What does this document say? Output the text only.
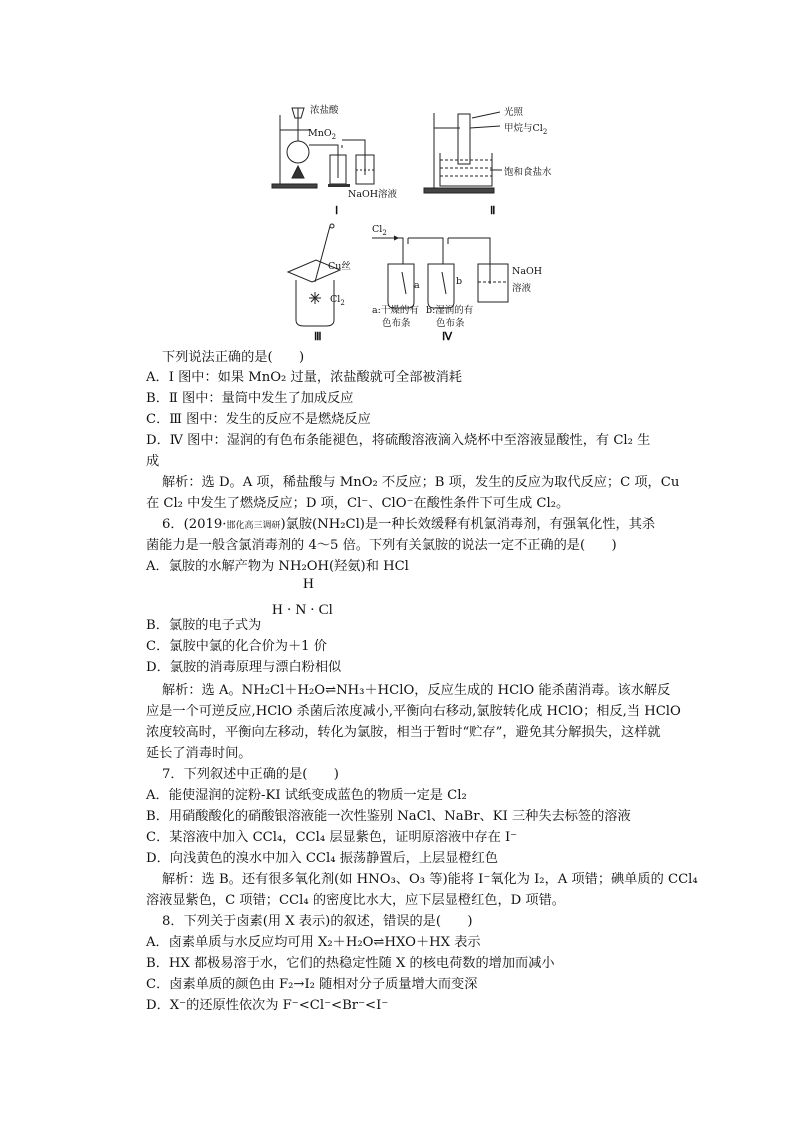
浓盐酸
MnO$_2$
NaOH溶液
Ⅰ
光照
甲烷与$Cl_2$
饱和食盐水
Ⅱ
Cu丝
$Cl_2$
Ⅲ
$Cl_2$
a	b
NaOH
溶液
a:干燥的有
色布条
b:湿润的有
色布条
Ⅳ
下列说法正确的是(　　)
A．Ⅰ 图中：如果 MnO₂ 过量，浓盐酸就可全部被消耗
B．Ⅱ 图中：量筒中发生了加成反应
C．Ⅲ 图中：发生的反应不是燃烧反应
D．Ⅳ 图中：湿润的有色布条能褪色，将硫酸溶液滴入烧杯中至溶液显酸性，有 Cl₂ 生
成
解析：选 D。A 项，稀盐酸与 MnO₂ 不反应；B 项，发生的反应为取代反应；C 项，Cu
在 Cl₂ 中发生了燃烧反应；D 项，Cl⁻、ClO⁻在酸性条件下可生成 Cl₂。
6．(2019·邯化高三调研)氯胺(NH₂Cl)是一种长效缓释有机氯消毒剂，有强氧化性，其杀
菌能力是一般含氯消毒剂的 4～5 倍。下列有关氯胺的说法一定不正确的是(　　)
A．氯胺的水解产物为 NH₂OH(羟氨)和 HCl
H
H · N · Cl
B．氯胺的电子式为
C．氯胺中氯的化合价为＋1 价
D．氯胺的消毒原理与漂白粉相似
解析：选 A。NH₂Cl＋H₂O⇌NH₃＋HClO，反应生成的 HClO 能杀菌消毒。该水解反
应是一个可逆反应,HClO 杀菌后浓度减小,平衡向右移动,氯胺转化成 HClO；相反,当 HClO
浓度较高时，平衡向左移动，转化为氯胺，相当于暂时“贮存”，避免其分解损失，这样就
延长了消毒时间。
7．下列叙述中正确的是(　　)
A．能使湿润的淀粉-KI 试纸变成蓝色的物质一定是 Cl₂
B．用硝酸酸化的硝酸银溶液能一次性鉴别 NaCl、NaBr、KI 三种失去标签的溶液
C．某溶液中加入 CCl₄，CCl₄ 层显紫色，证明原溶液中存在 I⁻
D．向浅黄色的溴水中加入 CCl₄ 振荡静置后，上层显橙红色
解析：选 B。还有很多氧化剂(如 HNO₃、O₃ 等)能将 I⁻氧化为 I₂，A 项错；碘单质的 CCl₄
溶液显紫色，C 项错；CCl₄ 的密度比水大，应下层显橙红色，D 项错。
8．下列关于卤素(用 X 表示)的叙述，错误的是(　　)
A．卤素单质与水反应均可用 X₂＋H₂O⇌HXO＋HX 表示
B．HX 都极易溶于水，它们的热稳定性随 X 的核电荷数的增加而减小
C．卤素单质的颜色由 F₂→I₂ 随相对分子质量增大而变深
D．X⁻的还原性依次为 F⁻<Cl⁻<Br⁻<I⁻
